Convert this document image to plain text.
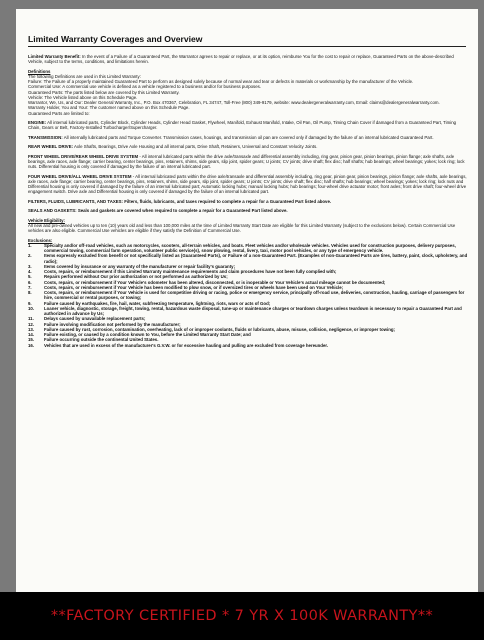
Limited Warranty Coverages and Overview

Limited Warranty Benefit: In the event of a Failure of a Guaranteed Part, the Warrantor agrees to repair or replace, or at its option, reimburse You for the cost to repair or replace, Guaranteed Parts on the above-described Vehicle, subject to the terms, conditions, and limitations herein.

Definitions

The following Definitions are used in this Limited Warranty:

Failure: The Failure of a properly maintained Guaranteed Part to perform as designed solely because of normal wear and tear or defects in materials or workmanship by the manufacturer of the Vehicle.

Commercial Use: A commercial use vehicle is defined as a vehicle registered to a business and/or for business purposes.

Guaranteed Parts: The parts listed below are covered by this Limited Warranty.

Vehicle: The Vehicle listed above on this Schedule Page.

Warrantor, We, Us, and Our: Dealer General Warranty, Inc., P.O. Box 470367, Celebration, FL 34747, Toll-Free (800) 349-9179, website: www.dealergeneralwarranty.com, Email: claims@dealergeneralwarranty.com.

Warranty Holder, You and Your: The customer named above on this Schedule Page.

Guaranteed Parts are limited to:

ENGINE: All internal lubricated parts, Cylinder Block, Cylinder Heads, Cylinder Head Gasket, Flywheel, Manifold, Exhaust Manifold, Intake, Oil Pan, Oil Pump, Timing Chain Cover if damaged from a Guaranteed Part, Timing Chain, Gears or Belt, Factory-Installed Turbocharger/Supercharger.

TRANSMISSION: All internally lubricated parts and Torque Converter. Transmission cases, housings, and transmission oil pan are covered only if damaged by the failure of an internal lubricated Guaranteed Part.

REAR WHEEL DRIVE: Axle Shafts, Bearings, Drive Axle Housing and all internal parts, Drive Shaft, Retainers, Universal and Constant Velocity Joints.

FRONT WHEEL DRIVE/REAR WHEEL DRIVE SYSTEM - All internal lubricated parts within the drive axle/transaxle and differential assembly including, ring gear, pinion gear, pinion bearings, pinion flange; axle shafts, axle bearings, axle races, axle flange; carrier bearing, center bearings, pins, retainers, shims, side gears, slip joint, spider gears; U joints; CV joints; drive shaft; flex disc; half shafts; hub bearings; wheel bearings; yokes; lock ring; lock nuts. Differential housing is only covered if damaged by the failure of an internal lubricated part.

FOUR WHEEL DRIVE/ALL WHEEL DRIVE SYSTEM - All internal lubricated parts within the drive axle/transaxle and differential assembly including, ring gear, pinion gear, pinion bearings, pinion flange; axle shafts, axle bearings, axle races, axle flange; carrier bearing, center bearings, pins, retainers, shims, side gears, slip joint, spider gears; U joints; CV joints; drive shaft; flex disc; half shafts; hub bearings; wheel bearings; yokes; lock ring; lock nuts and Differential housing is only covered if damaged by the failure of an internal lubricated part; Automatic locking hubs; manual locking hubs; hub bearings; four-wheel drive actuator motor; front axles; front drive shaft; four-wheel drive engagement switch. Drive axle and Differential housing is only covered if damaged by the failure of an internal lubricated part.

FILTERS, FLUIDS, LUBRICANTS, AND TAXES: Filters, fluids, lubricants, and taxes required to complete a repair for a Guaranteed Part listed above.

SEALS AND GASKETS: Seals and gaskets are covered when required to complete a repair for a Guaranteed Part listed above.

Vehicle Eligibility:

All new and pre-owned vehicles up to ten (10) years old and less than 100,000 miles at the time of Limited Warranty Start Date are eligible for this Limited Warranty (subject to the exclusions below). Certain Commercial Use vehicles are also eligible. Commercial Use vehicles are eligible if they satisfy the Definition of Commercial Use.

Exclusions:

1.	Specialty and/or off-road vehicles, such as motorcycles, scooters, all-terrain vehicles, and boats. Fleet vehicles and/or wholesale vehicles. Vehicles used for construction purposes, delivery purposes, commercial towing, commercial farm operation, volunteer public service(s), snow plowing, rental, livery, taxi, motor pool vehicles, or any type of emergency vehicle.
2.	Items expressly excluded from benefit or not specifically listed as (Guaranteed Parts), or Failure of a non-Guaranteed Part. (Examples of non-Guaranteed Parts are tires, battery, paint, clock, upholstery, and radio);
3.	Items covered by insurance or any warranty of the manufacturer or repair facility's guaranty;
4.	Costs, repairs, or reimbursement if this Limited Warranty maintenance requirements and claim procedures have not been fully complied with;
5.	Repairs performed without Our prior authorization or not performed as authorized by Us;
6.	Costs, repairs, or reimbursement if Your Vehicle's odometer has been altered, disconnected, or is inoperable or Your Vehicle's actual mileage cannot be documented;
7.	Costs, repairs, or reimbursement if Your Vehicle has been modified to plow snow, or if oversized tires or wheels have been used on Your Vehicle;
8.	Costs, repairs, or reimbursement if Your Vehicle is used for competitive driving or racing, police or emergency service, principally off-road use, deliveries, construction, hauling, carriage of passengers for hire, commercial or rental purposes, or towing;
9.	Failure caused by earthquakes, fire, hail, water, subfreezing temperature, lightning, riots, wars or acts of God;
10.	Loaner vehicle, diagnostic, storage, freight, towing, rental, hazardous waste disposal, tune-up or maintenance charges or teardown charges unless teardown is necessary to repair a Guaranteed Part and authorized in advance by Us;
11.	Delays caused by unavailable replacement parts;
12.	Failure involving modification not performed by the manufacturer;
13.	Failure caused by rust, corrosion, contamination, overheating, lack of or improper coolants, fluids or lubricants, abuse, misuse, collision, negligence, or improper towing;
14.	Failure existing, or caused by a condition known to You, before the Limited Warranty Start Date; and
15.	Failure occurring outside the continental United States.
16.	Vehicles that are used in excess of the manufacturer's G.V.W. or for excessive hauling and pulling are excluded from coverage hereunder.
**FACTORY CERTIFIED * 7 YR X 100K WARRANTY**
